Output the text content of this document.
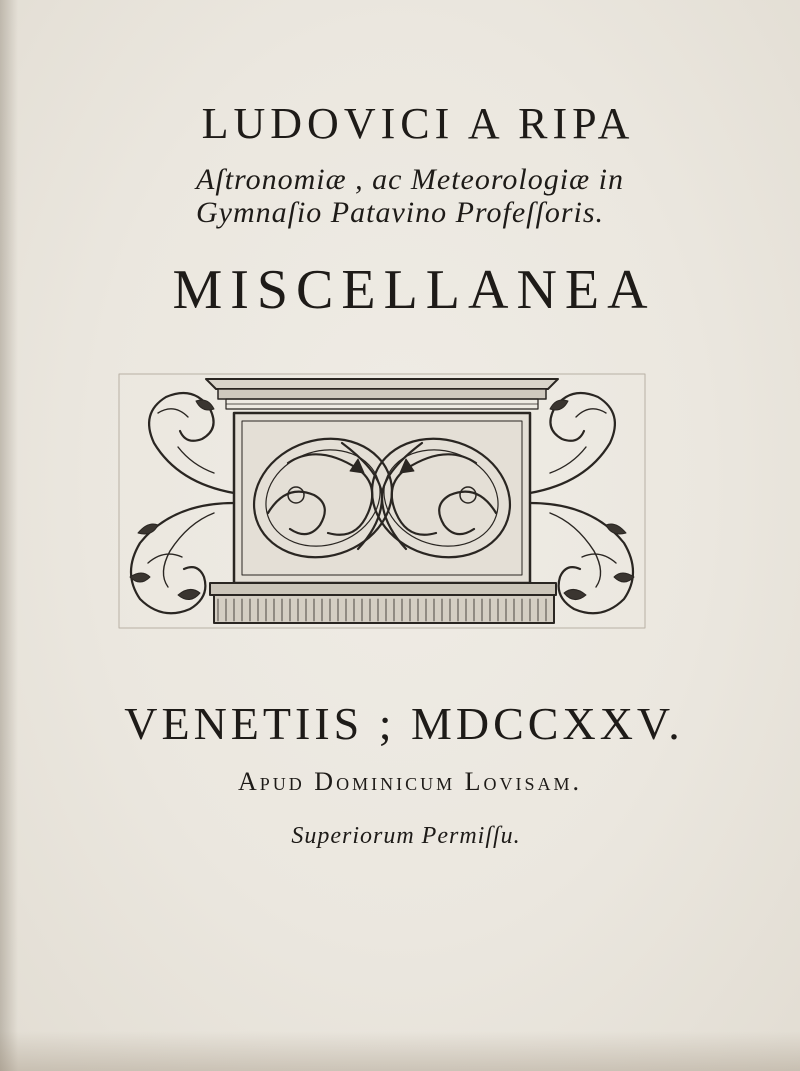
LUDOVICI A RIPA
Aſtronomiæ , ac Meteorologiæ in
Gymnaſio Patavino Profeſſoris.
MISCELLANEA
VENETIIS ; MDCCXXV.
Apud Dominicum Lovisam.
Superiorum Permiſſu.
